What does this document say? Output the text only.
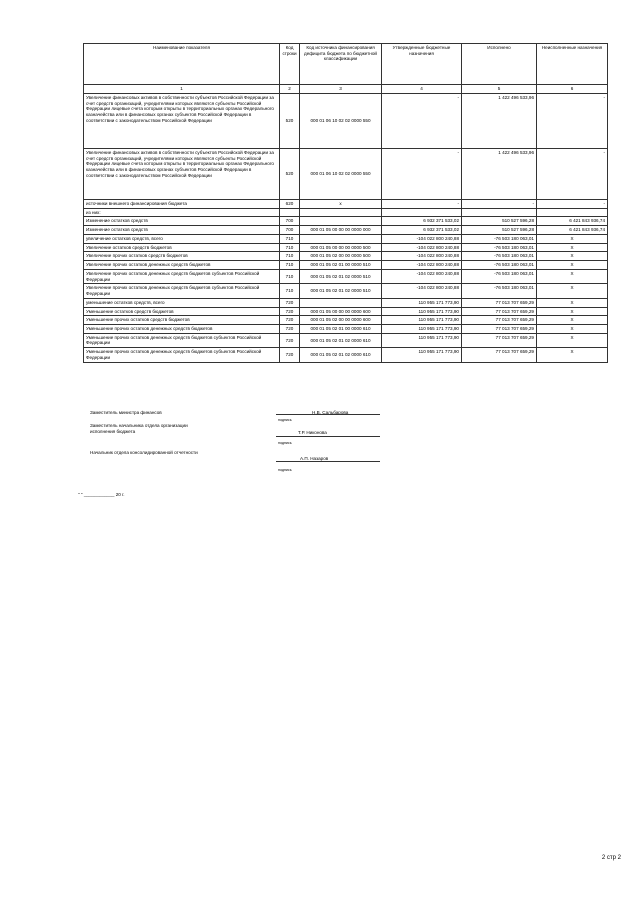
Наименование показателя	Код строки	Код источника финансирования дефицита бюджета по бюджетной классификации	Утвержденные бюджетные назначения	Исполнено	Неисполненные назначения
1	2	3	4	5	6
Увеличение финансовых активов в собственности субъектов Российской Федерации за счет средств организаций, учредителями которых являются субъекты Российской Федерации лицевые счета которым открыты в территориальных органах Федерального казначейства или в финансовых органах субъектов Российской Федерации в соответствии с законодательством Российской Федерации	520	000 01 06 10 02 02 0000 550	-	1 422 496 533,96	-
Увеличение финансовых активов в собственности субъектов Российской Федерации за счет средств организаций, учредителями которых являются субъекты Российской Федерации лицевые счета которым открыты в территориальных органах Федерального казначейства или в финансовых органах субъектов Российской Федерации в соответствии с законодательством Российской Федерации	520	000 01 06 10 02 02 0000 550	-	1 422 496 533,96	-
источники внешнего финансирования бюджета	620	x	-	-	-
из них:					
Изменение остатков средств	700		6 932 371 533,02	510 527 596,28	6 421 843 936,74
Изменение остатков средств	700	000 01 05 00 00 00 0000 000	6 932 371 533,02	510 527 596,28	6 421 843 936,74
увеличение остатков средств, всего	710		-104 022 800 240,88	-76 503 180 063,01	X
Увеличение остатков средств бюджетов	710	000 01 05 00 00 00 0000 500	-104 022 800 240,88	-76 503 180 063,01	X
Увеличение прочих остатков средств бюджетов	710	000 01 05 02 00 00 0000 500	-104 022 800 240,88	-76 503 180 063,01	X
Увеличение прочих остатков денежных средств бюджетов	710	000 01 05 02 01 00 0000 510	-104 022 800 240,88	-76 503 180 063,01	X
Увеличение прочих остатков денежных средств бюджетов субъектов Российской Федерации	710	000 01 05 02 01 02 0000 510	-104 022 800 240,88	-76 503 180 063,01	X
Увеличение прочих остатков денежных средств бюджетов субъектов Российской Федерации	710	000 01 05 02 01 02 0000 510	-104 022 800 240,88	-76 503 180 063,01	X
уменьшение остатков средств, всего	720		110 955 171 773,90	77 013 707 659,29	X
Уменьшение остатков средств бюджетов	720	000 01 05 00 00 00 0000 600	110 955 171 773,90	77 013 707 659,29	X
Уменьшение прочих остатков средств бюджетов	720	000 01 05 02 00 00 0000 600	110 955 171 773,90	77 013 707 659,29	X
Уменьшение прочих остатков денежных средств бюджетов	720	000 01 05 02 01 00 0000 610	110 955 171 773,90	77 013 707 659,29	X
Уменьшение прочих остатков денежных средств бюджетов субъектов Российской Федерации	720	000 01 05 02 01 02 0000 610	110 955 171 773,90	77 013 707 659,29	X
Уменьшение прочих остатков денежных средств бюджетов субъектов Российской Федерации	720	000 01 05 02 01 02 0000 610	110 955 171 773,90	77 013 707 659,29	X
Заместитель министра финансов	Н.В. Сальбарова
подпись
Заместитель начальника отдела организации исполнения бюджета	Т.Р. Никонова
подпись
Начальник отдела консолидированной отчетности
А.П. Назаров
подпись
" " ____________ 20 г.
2 стр 2
